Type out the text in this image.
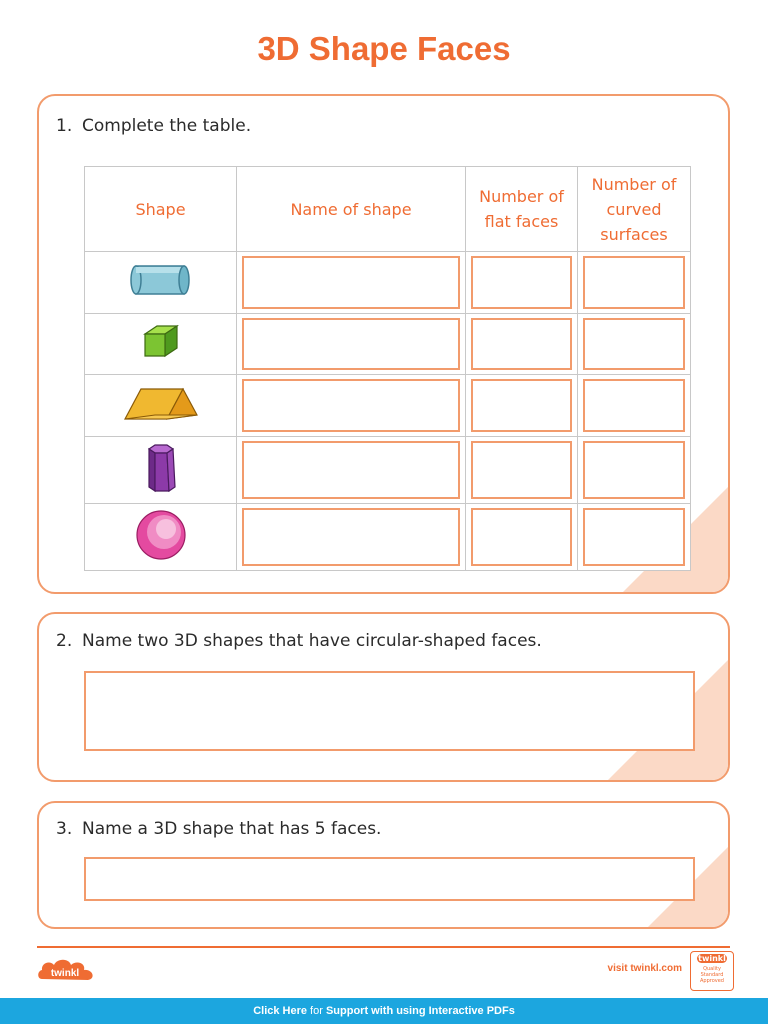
3D Shape Faces
1. Complete the table.
Shape	Name of shape	Number of flat faces	Number of curved surfaces

2. Name two 3D shapes that have circular-shaped faces.
3. Name a 3D shape that has 5 faces.
twinkl	visit twinkl.com
twinkl
Quality Standard Approved
Click Here for Support with using Interactive PDFs
